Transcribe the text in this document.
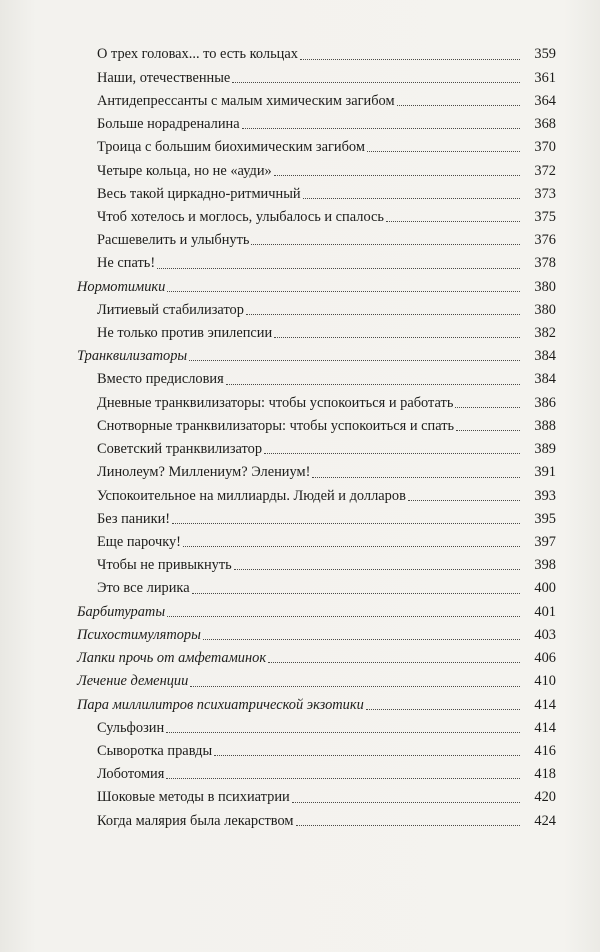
О трех головах... то есть кольцах	359
Наши, отечественные	361
Антидепрессанты с малым химическим загибом	364
Больше норадреналина	368
Троица с большим биохимическим загибом	370
Четыре кольца, но не «ауди»	372
Весь такой циркадно-ритмичный	373
Чтоб хотелось и моглось, улыбалось и спалось	375
Расшевелить и улыбнуть	376
Не спать!	378
Нормотимики	380
Литиевый стабилизатор	380
Не только против эпилепсии	382
Транквилизаторы	384
Вместо предисловия	384
Дневные транквилизаторы: чтобы успокоиться и работать	386
Снотворные транквилизаторы: чтобы успокоиться и спать	388
Советский транквилизатор	389
Линолеум? Миллениум? Элениум!	391
Успокоительное на миллиарды. Людей и долларов	393
Без паники!	395
Еще парочку!	397
Чтобы не привыкнуть	398
Это все лирика	400
Барбитураты	401
Психостимуляторы	403
Лапки прочь от амфетаминок	406
Лечение деменции	410
Пара миллилитров психиатрической экзотики	414
Сульфозин	414
Сыворотка правды	416
Лоботомия	418
Шоковые методы в психиатрии	420
Когда малярия была лекарством	424
